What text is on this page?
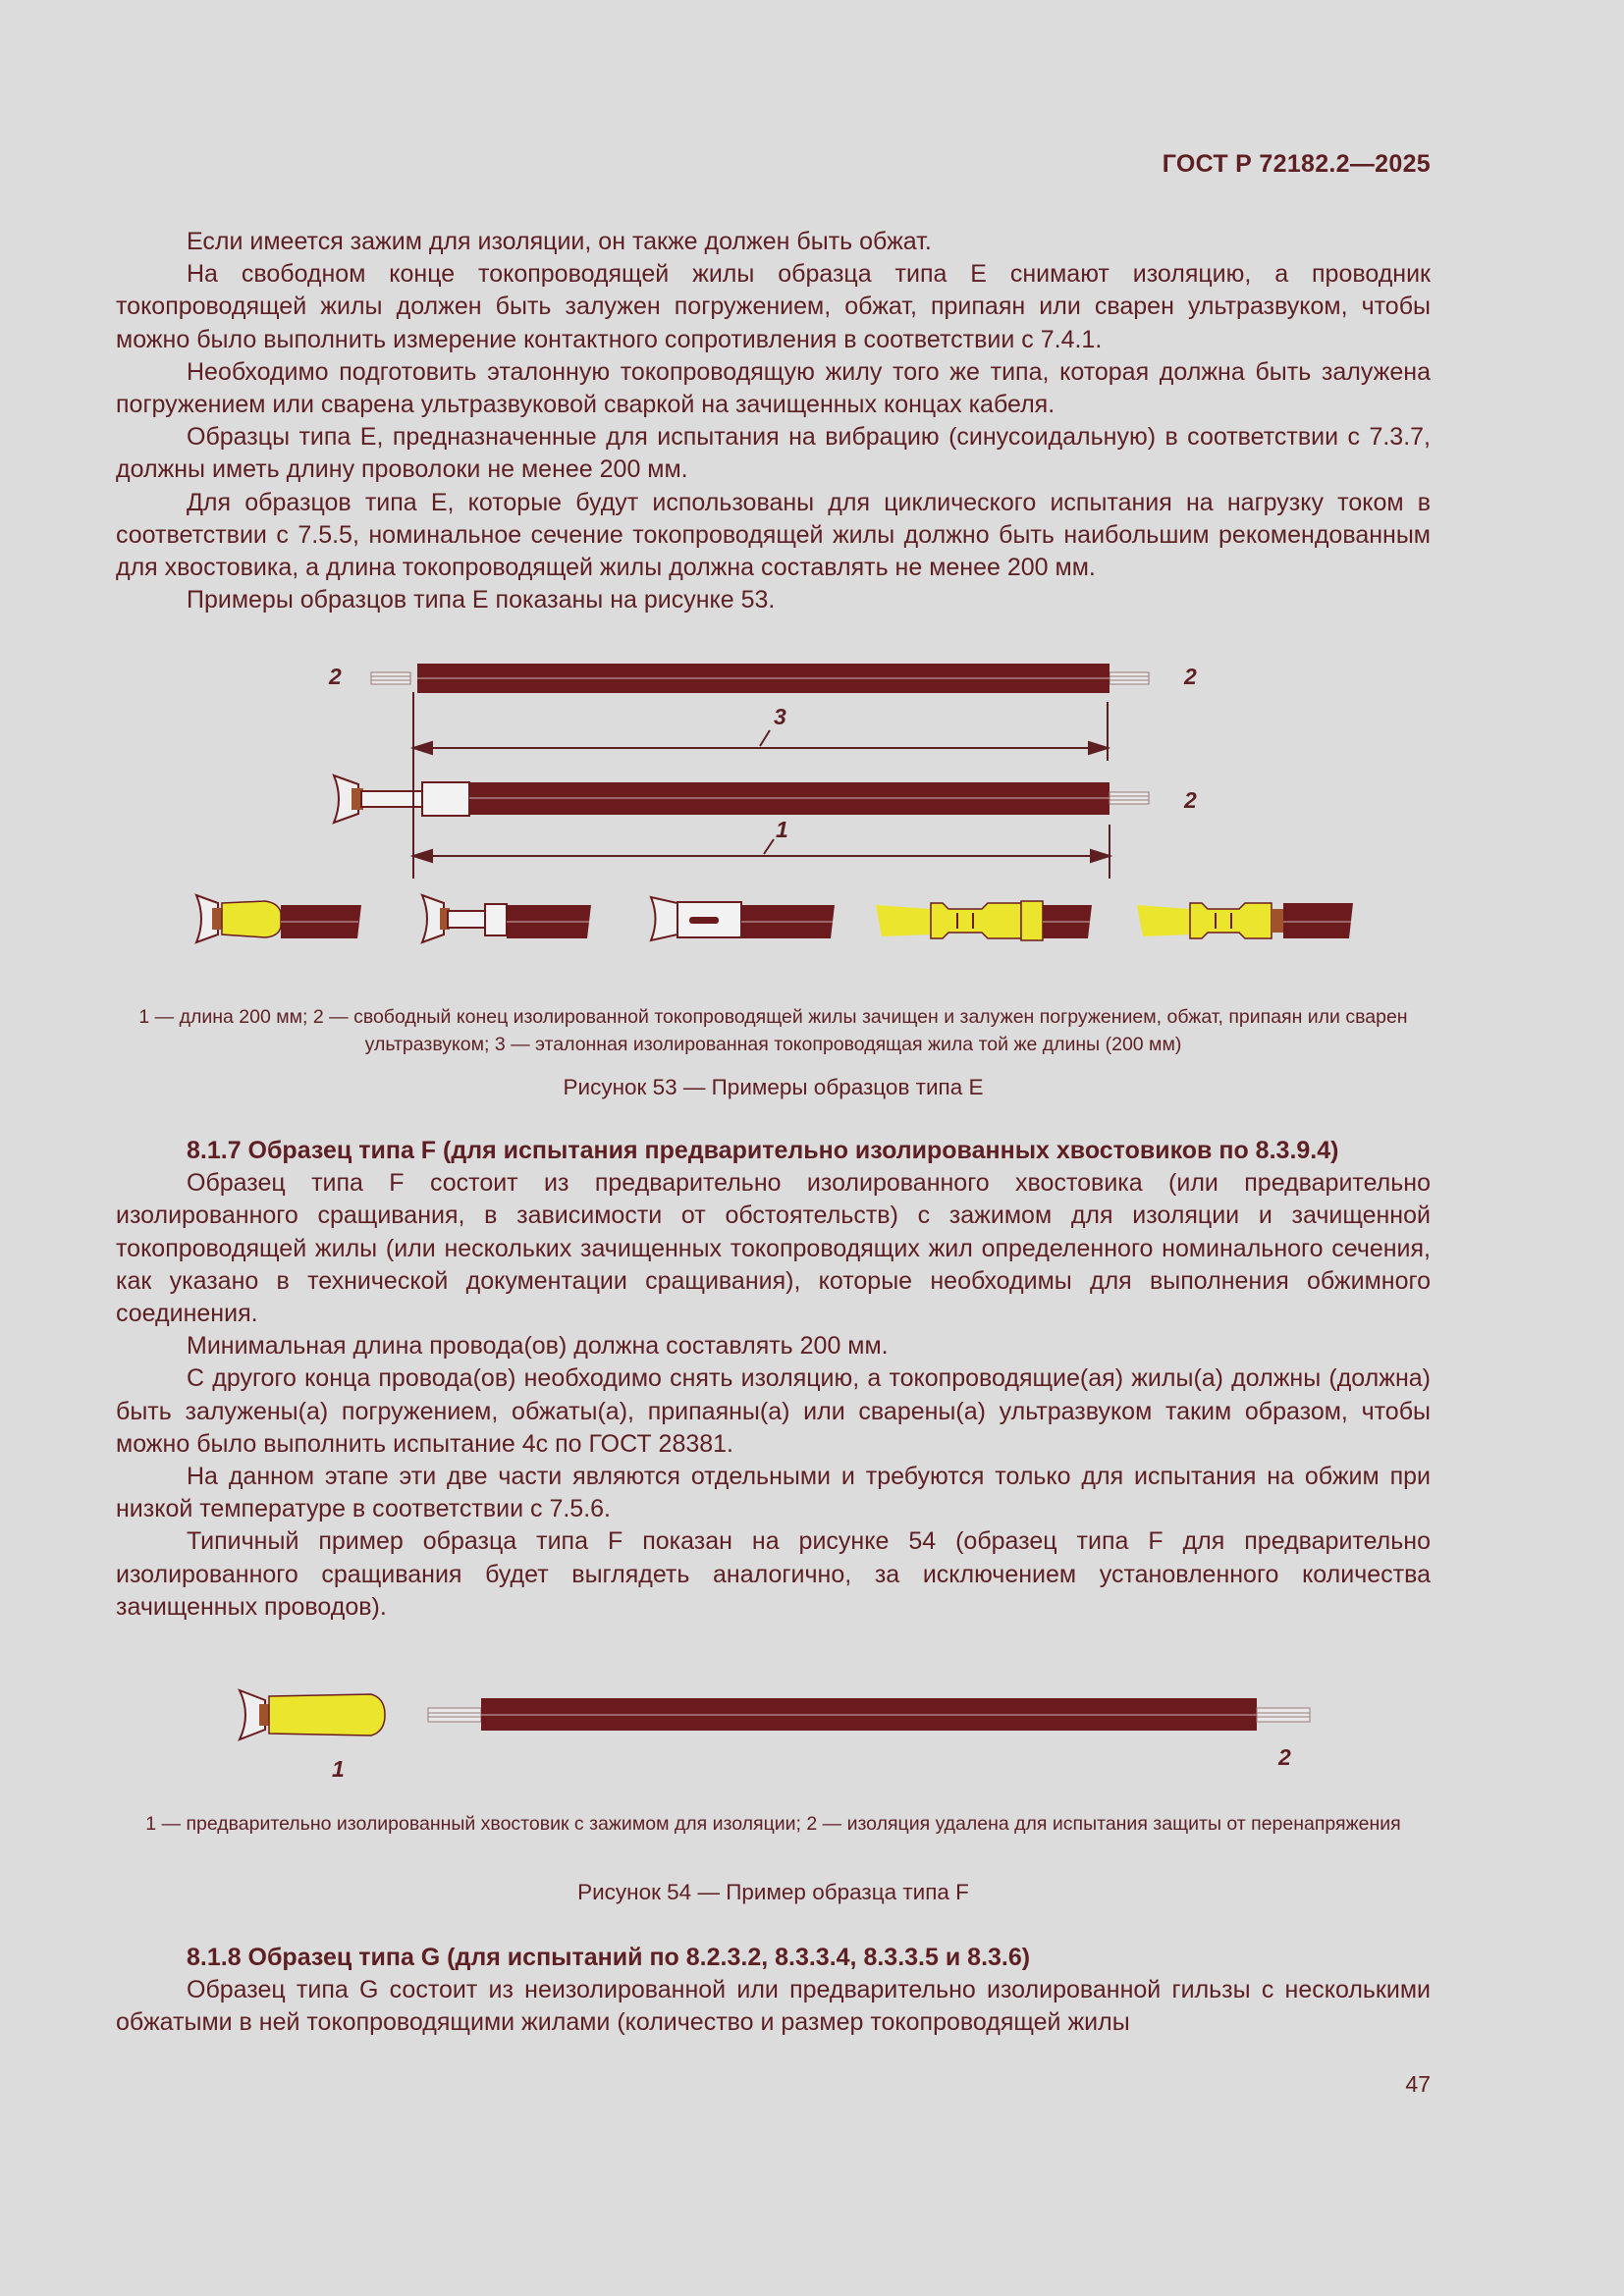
ГОСТ Р 72182.2—2025

Если имеется зажим для изоляции, он также должен быть обжат.

На свободном конце токопроводящей жилы образца типа E снимают изоляцию, а проводник токопроводящей жилы должен быть залужен погружением, обжат, припаян или сварен ультразвуком, чтобы можно было выполнить измерение контактного сопротивления в соответствии с 7.4.1.

Необходимо подготовить эталонную токопроводящую жилу того же типа, которая должна быть залужена погружением или сварена ультразвуковой сваркой на зачищенных концах кабеля.

Образцы типа E, предназначенные для испытания на вибрацию (синусоидальную) в соответствии с 7.3.7, должны иметь длину проволоки не менее 200 мм.

Для образцов типа E, которые будут использованы для циклического испытания на нагрузку током в соответствии с 7.5.5, номинальное сечение токопроводящей жилы должно быть наибольшим рекомендованным для хвостовика, а длина токопроводящей жилы должна составлять не менее 200 мм.

Примеры образцов типа E показаны на рисунке 53.

2	2
3
2
1
1 — длина 200 мм; 2 — свободный конец изолированной токопроводящей жилы зачищен и залужен погружением, обжат, припаян или сварен ультразвуком; 3 — эталонная изолированная токопроводящая жила той же длины (200 мм)
Рисунок 53 — Примеры образцов типа E

8.1.7 Образец типа F (для испытания предварительно изолированных хвостовиков по 8.3.9.4)

Образец типа F состоит из предварительно изолированного хвостовика (или предварительно изолированного сращивания, в зависимости от обстоятельств) с зажимом для изоляции и зачищенной токопроводящей жилы (или нескольких зачищенных токопроводящих жил определенного номинального сечения, как указано в технической документации сращивания), которые необходимы для выполнения обжимного соединения.

Минимальная длина провода(ов) должна составлять 200 мм.

С другого конца провода(ов) необходимо снять изоляцию, а токопроводящие(ая) жилы(а) должны (должна) быть залужены(а) погружением, обжаты(а), припаяны(а) или сварены(а) ультразвуком таким образом, чтобы можно было выполнить испытание 4с по ГОСТ 28381.

На данном этапе эти две части являются отдельными и требуются только для испытания на обжим при низкой температуре в соответствии с 7.5.6.

Типичный пример образца типа F показан на рисунке 54 (образец типа F для предварительно изолированного сращивания будет выглядеть аналогично, за исключением установленного количества зачищенных проводов).

1	2
1 — предварительно изолированный хвостовик с зажимом для изоляции; 2 — изоляция удалена для испытания защиты от перенапряжения
Рисунок 54 — Пример образца типа F

8.1.8 Образец типа G (для испытаний по 8.2.3.2, 8.3.3.4, 8.3.3.5 и 8.3.6)

Образец типа G состоит из неизолированной или предварительно изолированной гильзы с несколькими обжатыми в ней токопроводящими жилами (количество и размер токопроводящей жилы

47
